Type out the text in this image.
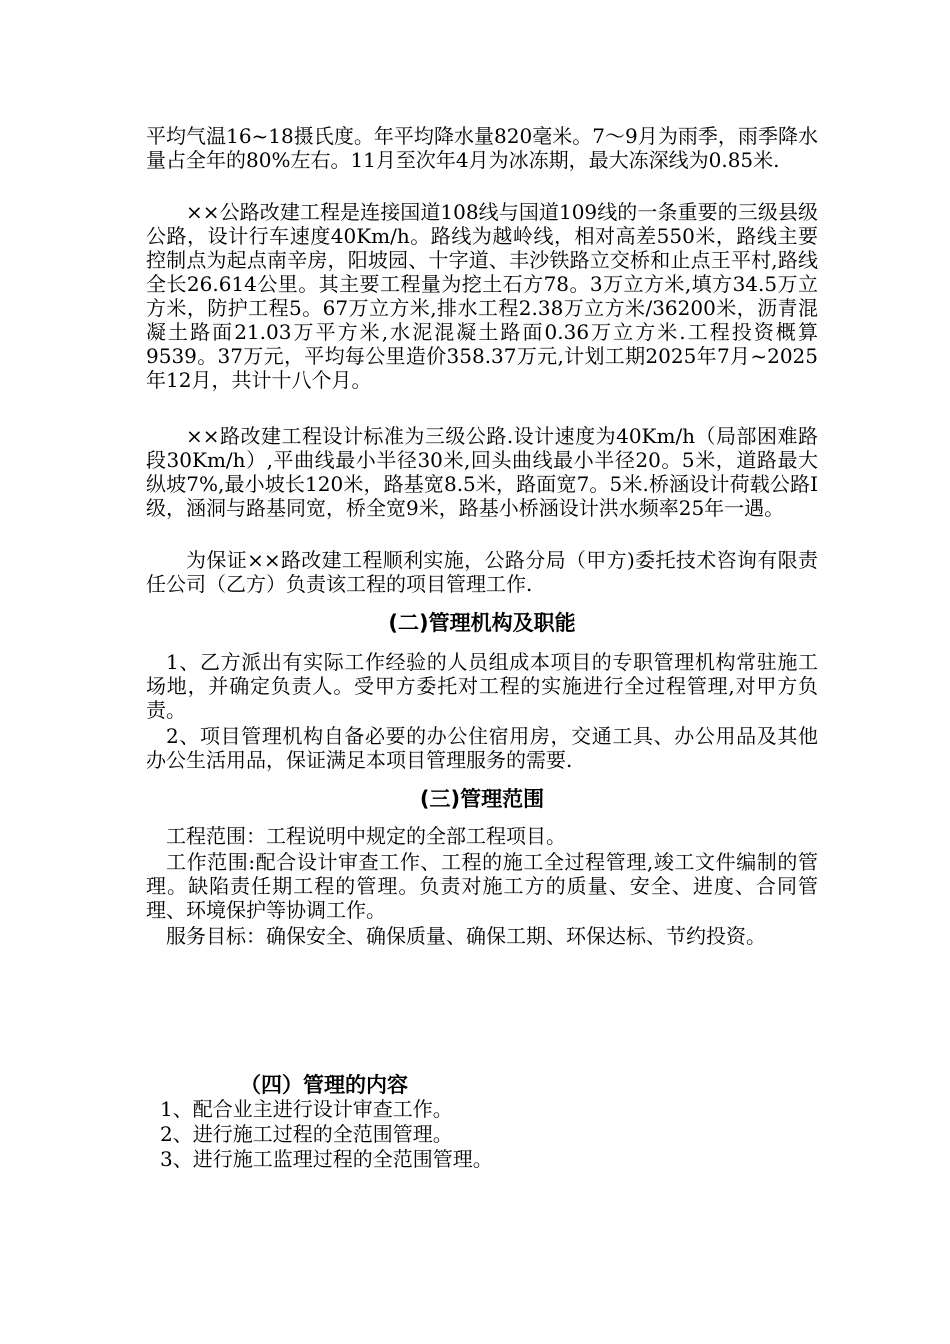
平均气温16~18摄氏度。年平均降水量820毫米。7～9月为雨季，雨季降水量占全年的80%左右。11月至次年4月为冰冻期，最大冻深线为0.85米.

××公路改建工程是连接国道108线与国道109线的一条重要的三级县级公路，设计行车速度40Km/h。路线为越岭线，相对高差550米，路线主要控制点为起点南辛房，阳坡园、十字道、丰沙铁路立交桥和止点王平村,路线全长26.614公里。其主要工程量为挖土石方78。3万立方米,填方34.5万立方米，防护工程5。67万立方米,排水工程2.38万立方米/36200米，沥青混凝土路面21.03万平方米,水泥混凝土路面0.36万立方米.工程投资概算9539。37万元，平均每公里造价358.37万元,计划工期2025年7月~2025年12月，共计十八个月。

××路改建工程设计标准为三级公路.设计速度为40Km/h（局部困难路段30Km/h）,平曲线最小半径30米,回头曲线最小半径20。5米，道路最大纵坡7%,最小坡长120米，路基宽8.5米，路面宽7。5米.桥涵设计荷载公路I级，涵洞与路基同宽，桥全宽9米，路基小桥涵设计洪水频率25年一遇。

为保证××路改建工程顺利实施，公路分局（甲方)委托技术咨询有限责任公司（乙方）负责该工程的项目管理工作.

(二)管理机构及职能

1、乙方派出有实际工作经验的人员组成本项目的专职管理机构常驻施工场地，并确定负责人。受甲方委托对工程的实施进行全过程管理,对甲方负责。

2、项目管理机构自备必要的办公住宿用房，交通工具、办公用品及其他办公生活用品，保证满足本项目管理服务的需要.

(三)管理范围

工程范围：工程说明中规定的全部工程项目。

工作范围:配合设计审查工作、工程的施工全过程管理,竣工文件编制的管理。缺陷责任期工程的管理。负责对施工方的质量、安全、进度、合同管理、环境保护等协调工作。

服务目标：确保安全、确保质量、确保工期、环保达标、节约投资。

（四）管理的内容

1、配合业主进行设计审查工作。

2、进行施工过程的全范围管理。

3、进行施工监理过程的全范围管理。
